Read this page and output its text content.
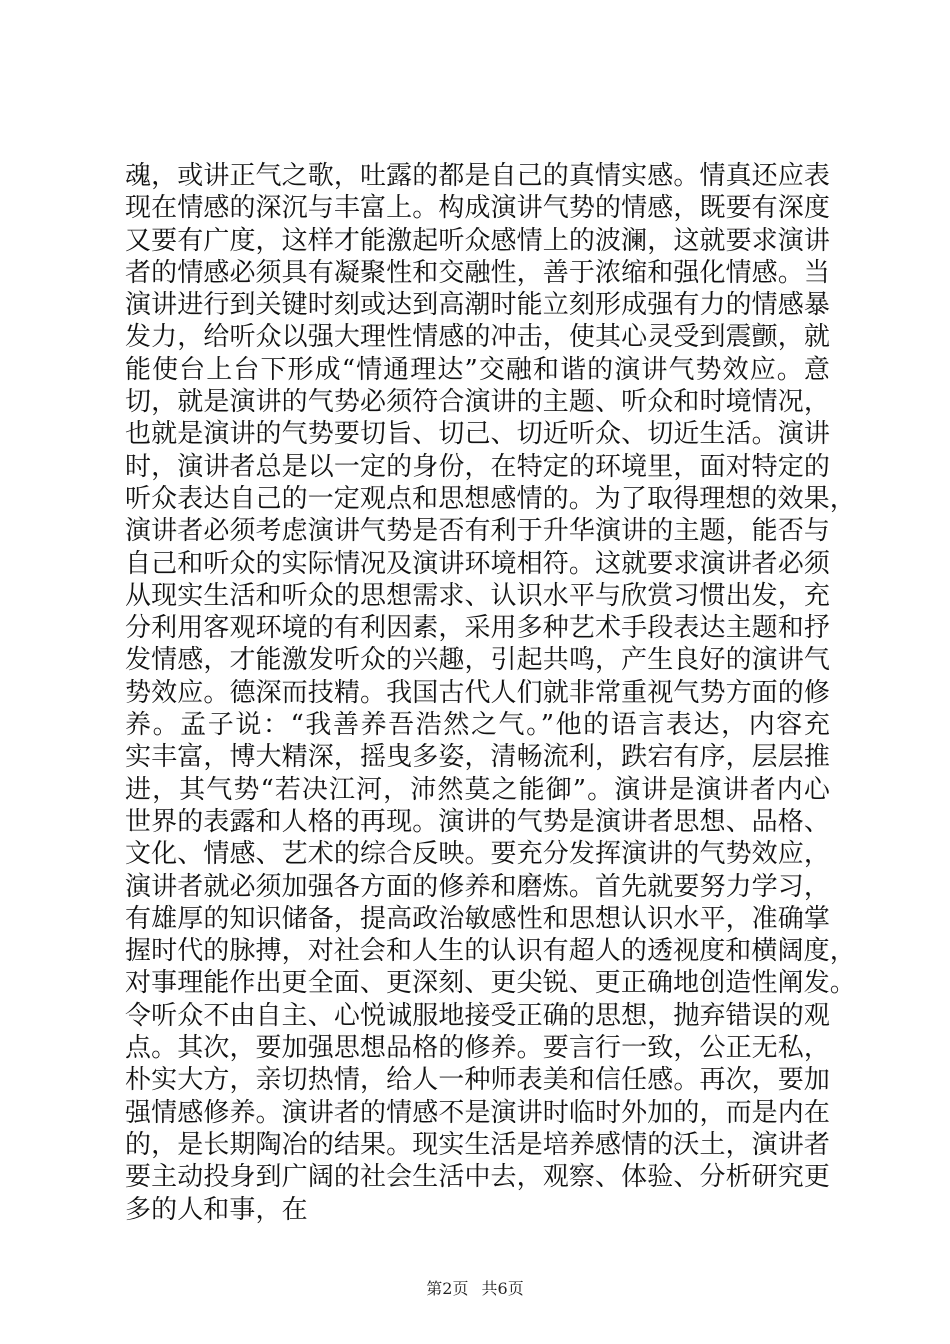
魂，或讲正气之歌，吐露的都是自己的真情实感。情真还应表
现在情感的深沉与丰富上。构成演讲气势的情感，既要有深度
又要有广度，这样才能激起听众感情上的波澜，这就要求演讲
者的情感必须具有凝聚性和交融性，善于浓缩和强化情感。当
演讲进行到关键时刻或达到高潮时能立刻形成强有力的情感暴
发力，给听众以强大理性情感的冲击，使其心灵受到震颤，就
能使台上台下形成“情通理达”交融和谐的演讲气势效应。意
切，就是演讲的气势必须符合演讲的主题、听众和时境情况，
也就是演讲的气势要切旨、切己、切近听众、切近生活。演讲
时，演讲者总是以一定的身份，在特定的环境里，面对特定的
听众表达自己的一定观点和思想感情的。为了取得理想的效果，
演讲者必须考虑演讲气势是否有利于升华演讲的主题，能否与
自己和听众的实际情况及演讲环境相符。这就要求演讲者必须
从现实生活和听众的思想需求、认识水平与欣赏习惯出发，充
分利用客观环境的有利因素，采用多种艺术手段表达主题和抒
发情感，才能激发听众的兴趣，引起共鸣，产生良好的演讲气
势效应。德深而技精。我国古代人们就非常重视气势方面的修
养。孟子说：“我善养吾浩然之气。”他的语言表达，内容充
实丰富，博大精深，摇曳多姿，清畅流利，跌宕有序，层层推
进，其气势“若决江河，沛然莫之能御”。演讲是演讲者内心
世界的表露和人格的再现。演讲的气势是演讲者思想、品格、
文化、情感、艺术的综合反映。要充分发挥演讲的气势效应，
演讲者就必须加强各方面的修养和磨炼。首先就要努力学习，
有雄厚的知识储备，提高政治敏感性和思想认识水平，准确掌
握时代的脉搏，对社会和人生的认识有超人的透视度和横阔度，
对事理能作出更全面、更深刻、更尖锐、更正确地创造性阐发。
令听众不由自主、心悦诚服地接受正确的思想，抛弃错误的观
点。其次，要加强思想品格的修养。要言行一致，公正无私，
朴实大方，亲切热情，给人一种师表美和信任感。再次，要加
强情感修养。演讲者的情感不是演讲时临时外加的，而是内在
的，是长期陶冶的结果。现实生活是培养感情的沃土，演讲者
要主动投身到广阔的社会生活中去，观察、体验、分析研究更
多的人和事，在
第2页 共6页
